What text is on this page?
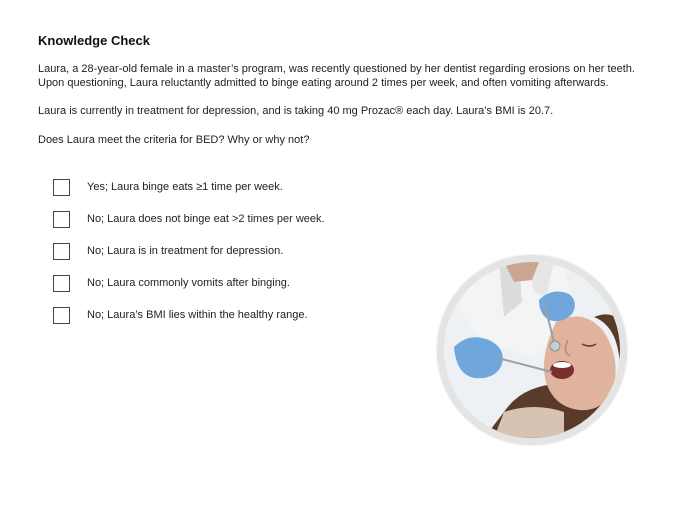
Knowledge Check
Laura, a 28-year-old female in a master’s program, was recently questioned by her dentist regarding erosions on her teeth.
Upon questioning, Laura reluctantly admitted to binge eating around 2 times per week, and often vomiting afterwards.
Laura is currently in treatment for depression, and is taking 40 mg Prozac® each day. Laura’s BMI is 20.7.
Does Laura meet the criteria for BED? Why or why not?
Yes; Laura binge eats ≥1 time per week.
No; Laura does not binge eat >2 times per week.
No; Laura is in treatment for depression.
No; Laura commonly vomits after binging.
No; Laura’s BMI lies within the healthy range.
